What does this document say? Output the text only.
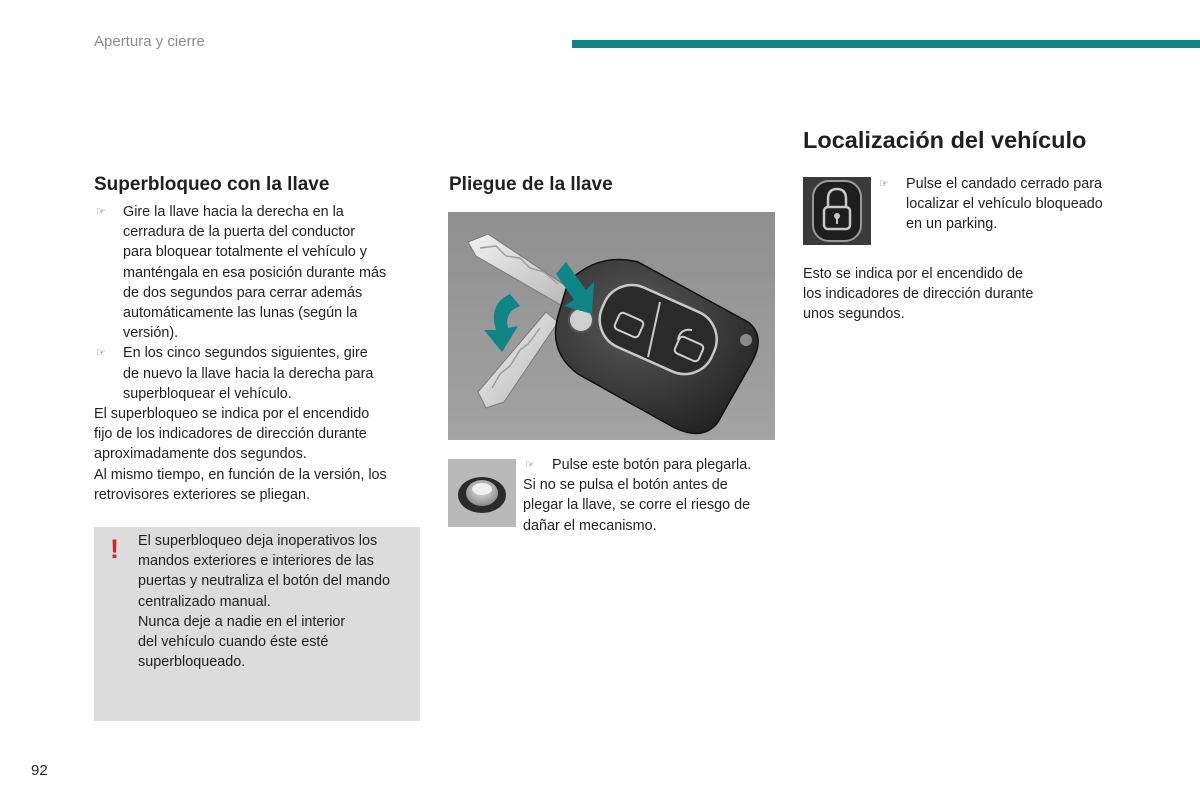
Apertura y cierre
Superbloqueo con la llave
☞ Gire la llave hacia la derecha en la
cerradura de la puerta del conductor
para bloquear totalmente el vehículo y
manténgala en esa posición durante más
de dos segundos para cerrar además
automáticamente las lunas (según la
versión).
☞ En los cinco segundos siguientes, gire
de nuevo la llave hacia la derecha para
superbloquear el vehículo.
El superbloqueo se indica por el encendido
fijo de los indicadores de dirección durante
aproximadamente dos segundos.
Al mismo tiempo, en función de la versión, los
retrovisores exteriores se pliegan.
! El superbloqueo deja inoperativos los
mandos exteriores e interiores de las
puertas y neutraliza el botón del mando
centralizado manual.
Nunca deje a nadie en el interior
del vehículo cuando éste esté
superbloqueado.
Pliegue de la llave
☞ Pulse este botón para plegarla.
Si no se pulsa el botón antes de
plegar la llave, se corre el riesgo de
dañar el mecanismo.
Localización del vehículo
☞ Pulse el candado cerrado para
localizar el vehículo bloqueado
en un parking.
Esto se indica por el encendido de
los indicadores de dirección durante
unos segundos.
92
